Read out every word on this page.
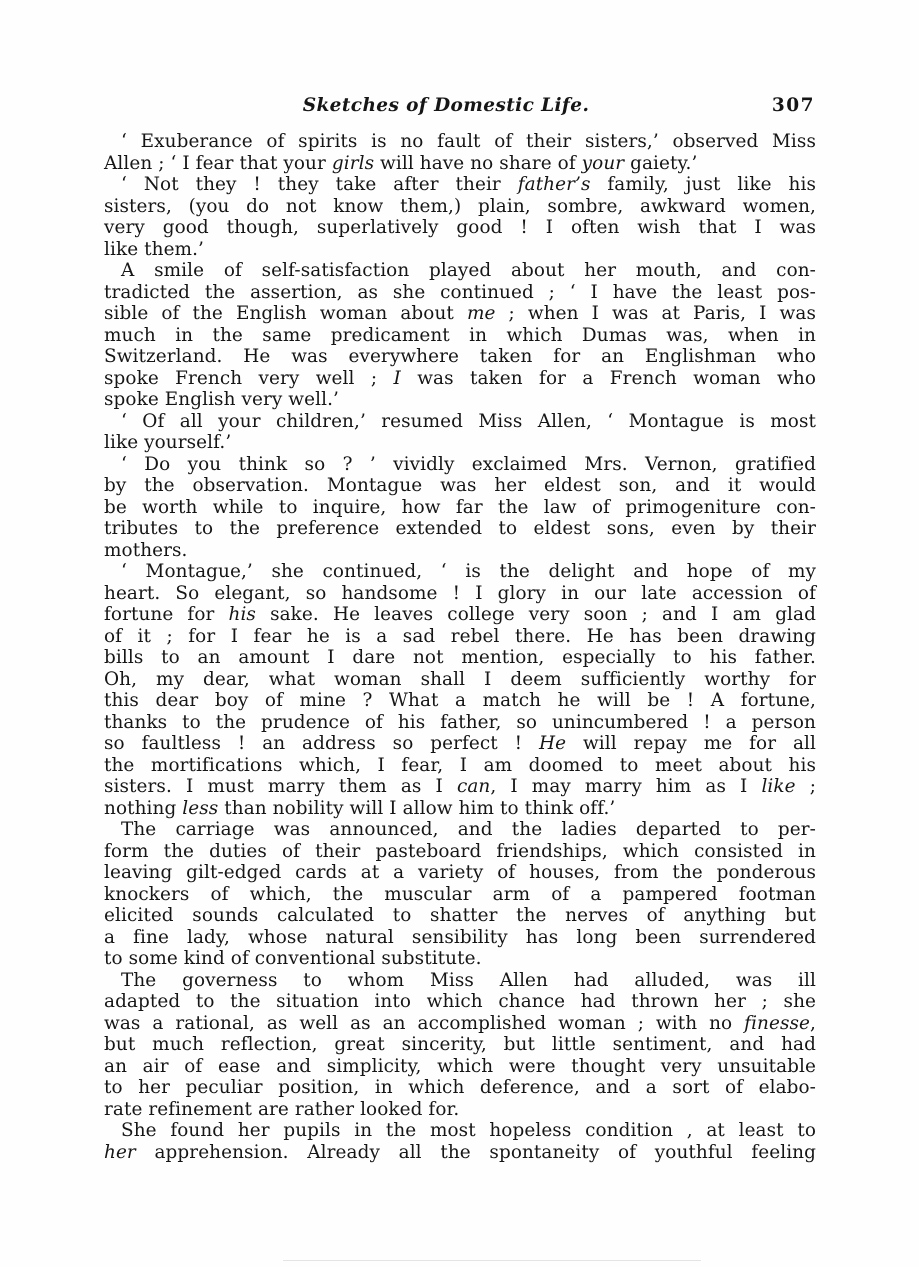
Sketches of Domestic Life.	307
‘ Exuberance of spirits is no fault of their sisters,’ observed Miss
Allen ; ‘ I fear that your girls will have no share of your gaiety.’
‘ Not they ! they take after their father’s family, just like his
sisters, (you do not know them,) plain, sombre, awkward women,
very good though, superlatively good ! I often wish that I was
like them.’
A smile of self-satisfaction played about her mouth, and con-
tradicted the assertion, as she continued ; ‘ I have the least pos-
sible of the English woman about me ; when I was at Paris, I was
much in the same predicament in which Dumas was, when in
Switzerland. He was everywhere taken for an Englishman who
spoke French very well ; I was taken for a French woman who
spoke English very well.’
‘ Of all your children,’ resumed Miss Allen, ‘ Montague is most
like yourself.’
‘ Do you think so ? ’ vividly exclaimed Mrs. Vernon, gratified
by the observation. Montague was her eldest son, and it would
be worth while to inquire, how far the law of primogeniture con-
tributes to the preference extended to eldest sons, even by their
mothers.
‘ Montague,’ she continued, ‘ is the delight and hope of my
heart. So elegant, so handsome ! I glory in our late accession of
fortune for his sake. He leaves college very soon ; and I am glad
of it ; for I fear he is a sad rebel there. He has been drawing
bills to an amount I dare not mention, especially to his father.
Oh, my dear, what woman shall I deem sufficiently worthy for
this dear boy of mine ? What a match he will be ! A fortune,
thanks to the prudence of his father, so unincumbered ! a person
so faultless ! an address so perfect ! He will repay me for all
the mortifications which, I fear, I am doomed to meet about his
sisters. I must marry them as I can, I may marry him as I like ;
nothing less than nobility will I allow him to think off.’
The carriage was announced, and the ladies departed to per-
form the duties of their pasteboard friendships, which consisted in
leaving gilt-edged cards at a variety of houses, from the ponderous
knockers of which, the muscular arm of a pampered footman
elicited sounds calculated to shatter the nerves of anything but
a fine lady, whose natural sensibility has long been surrendered
to some kind of conventional substitute.
The governess to whom Miss Allen had alluded, was ill
adapted to the situation into which chance had thrown her ; she
was a rational, as well as an accomplished woman ; with no finesse,
but much reflection, great sincerity, but little sentiment, and had
an air of ease and simplicity, which were thought very unsuitable
to her peculiar position, in which deference, and a sort of elabo-
rate refinement are rather looked for.
She found her pupils in the most hopeless condition , at least to
her apprehension. Already all the spontaneity of youthful feeling
